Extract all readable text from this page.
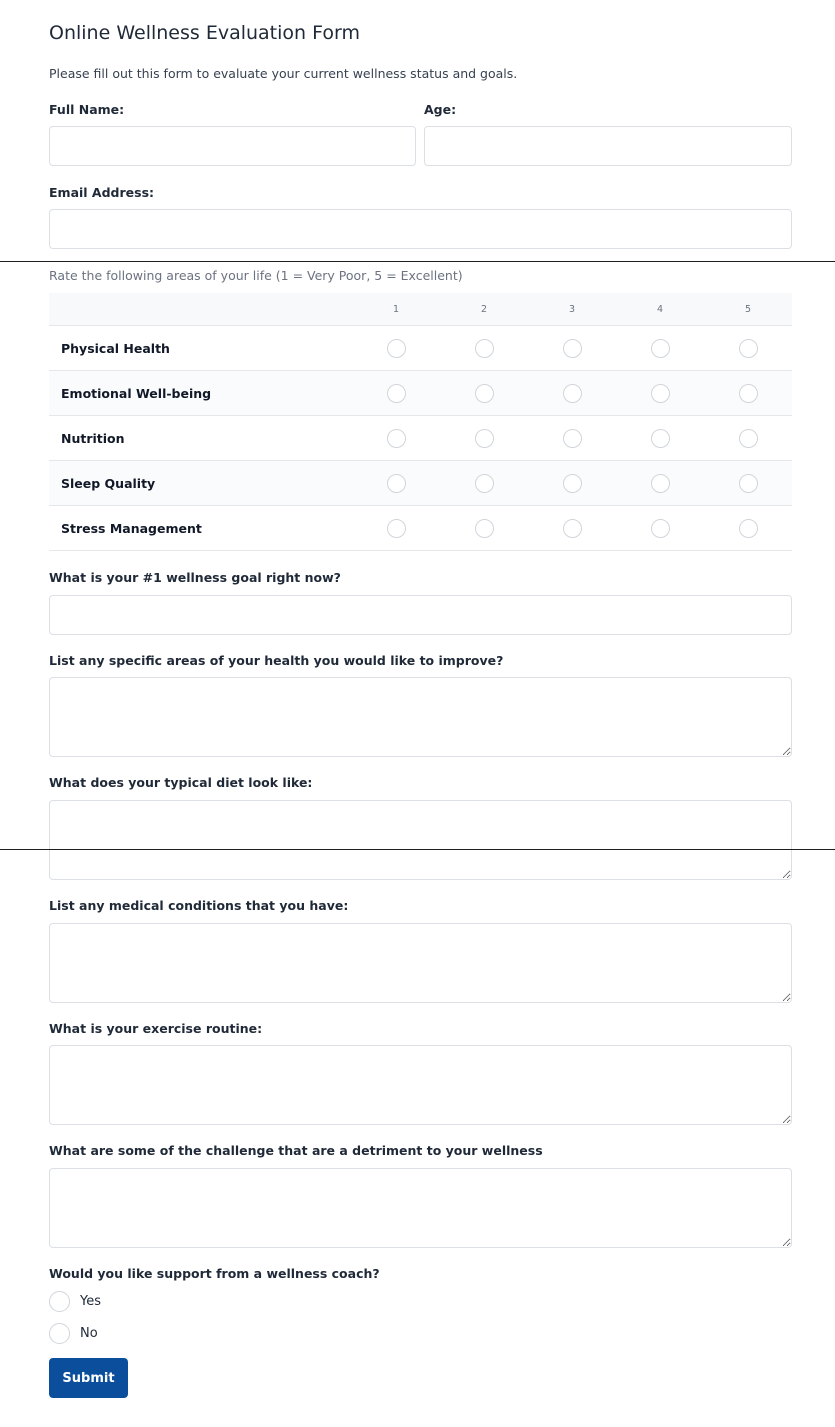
Online Wellness Evaluation Form
Please fill out this form to evaluate your current wellness status and goals.
Full Name:	Age:
Email Address:
Rate the following areas of your life (1 = Very Poor, 5 = Excellent)
	1	2	3	4	5
Physical Health					
Emotional Well-being					
Nutrition					
Sleep Quality					
Stress Management					
What is your #1 wellness goal right now?
List any specific areas of your health you would like to improve?
What does your typical diet look like:
List any medical conditions that you have:
What is your exercise routine:
What are some of the challenge that are a detriment to your wellness
Would you like support from a wellness coach?
Yes
No
Submit
